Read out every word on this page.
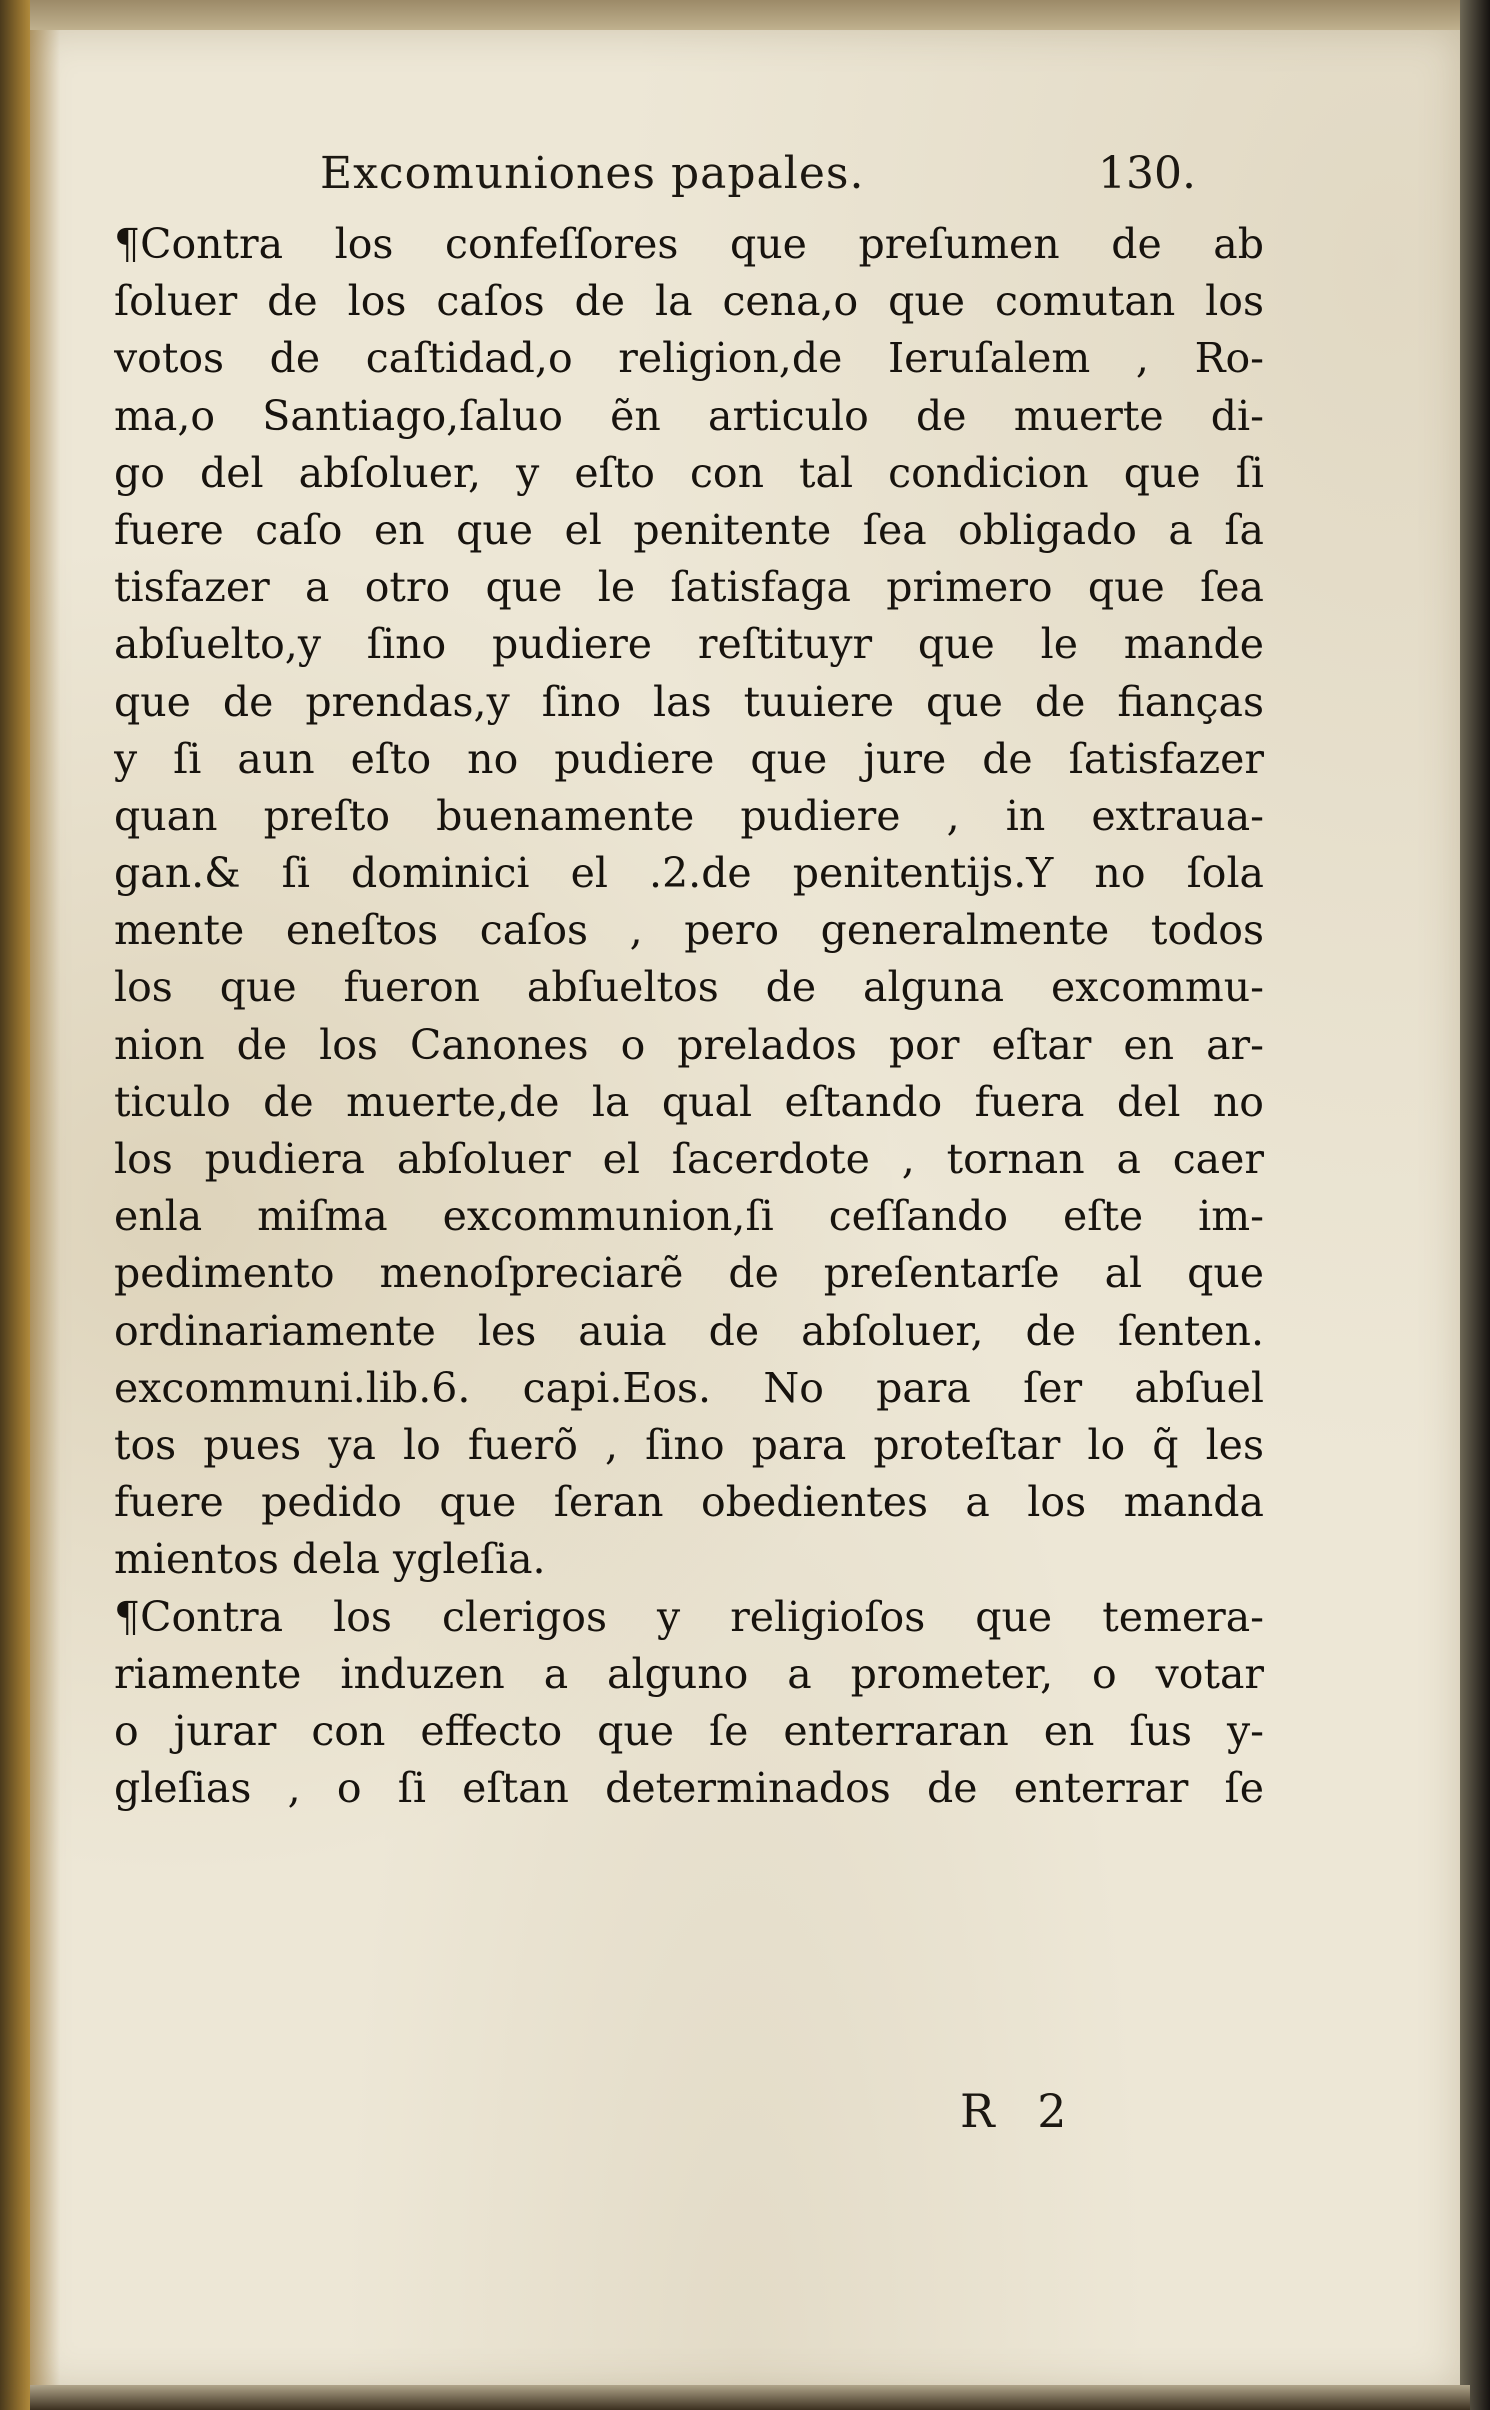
Excomuniones papales.	130.
¶Contra los confeſſores que preſumen de ab
ſoluer de los caſos de la cena,o que comutan los
votos de caſtidad,o religion,de Ieruſalem , Ro-
ma,o Santiago,ſaluo ẽn articulo de muerte di-
go del abſoluer, y eſto con tal condicion que ſi
fuere caſo en que el penitente ſea obligado a ſa
tisfazer a otro que le ſatisfaga primero que ſea
abſuelto,y ſino pudiere reſtituyr que le mande
que de prendas,y ſino las tuuiere que de fianças
y ſi aun eſto no pudiere que jure de ſatisfazer
quan preſto buenamente pudiere , in extraua-
gan.& ſi dominici el .2.de penitentijs.Y no ſola
mente eneſtos caſos , pero generalmente todos
los que fueron abſueltos de alguna excommu-
nion de los Canones o prelados por eſtar en ar-
ticulo de muerte,de la qual eſtando fuera del no
los pudiera abſoluer el ſacerdote , tornan a caer
enla miſma excommunion,ſi ceſſando eſte im-
pedimento menoſpreciarẽ de preſentarſe al que
ordinariamente les auia de abſoluer, de ſenten.
excommuni.lib.6. capi.Eos. No para ſer abſuel
tos pues ya lo fuerõ , ſino para proteſtar lo q̃ les
fuere pedido que ſeran obedientes a los manda
mientos dela ygleſia.
¶Contra los clerigos y religioſos que temera-
riamente induzen a alguno a prometer, o votar
o jurar con effecto que ſe enterraran en ſus y-
gleſias , o ſi eſtan determinados de enterrar ſe
R 2
